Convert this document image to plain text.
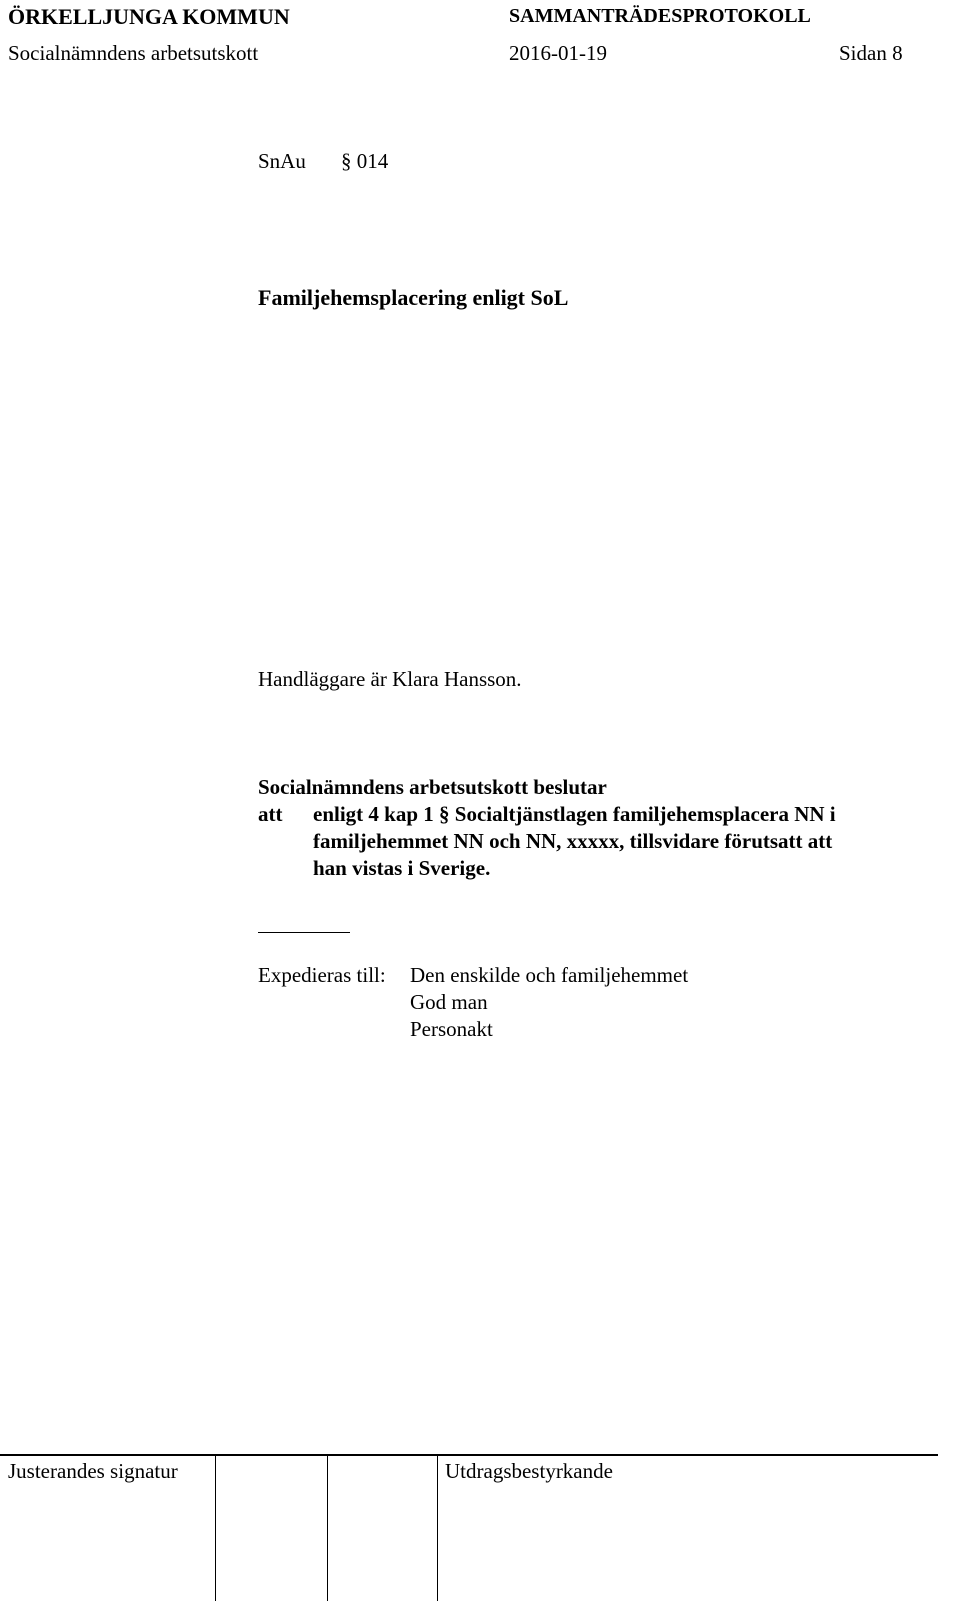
ÖRKELLJUNGA KOMMUN	SAMMANTRÄDESPROTOKOLL
Socialnämndens arbetsutskott	2016-01-19	Sidan 8
SnAu § 014
Familjehemsplacering enligt SoL
Handläggare är Klara Hansson.
Socialnämndens arbetsutskott beslutar
att enligt 4 kap 1 § Socialtjänstlagen familjehemsplacera NN i
familjehemmet NN och NN, xxxxx, tillsvidare förutsatt att
han vistas i Sverige.
Expedieras till: Den enskilde och familjehemmet
God man
Personakt
Justerandes signatur	Utdragsbestyrkande
